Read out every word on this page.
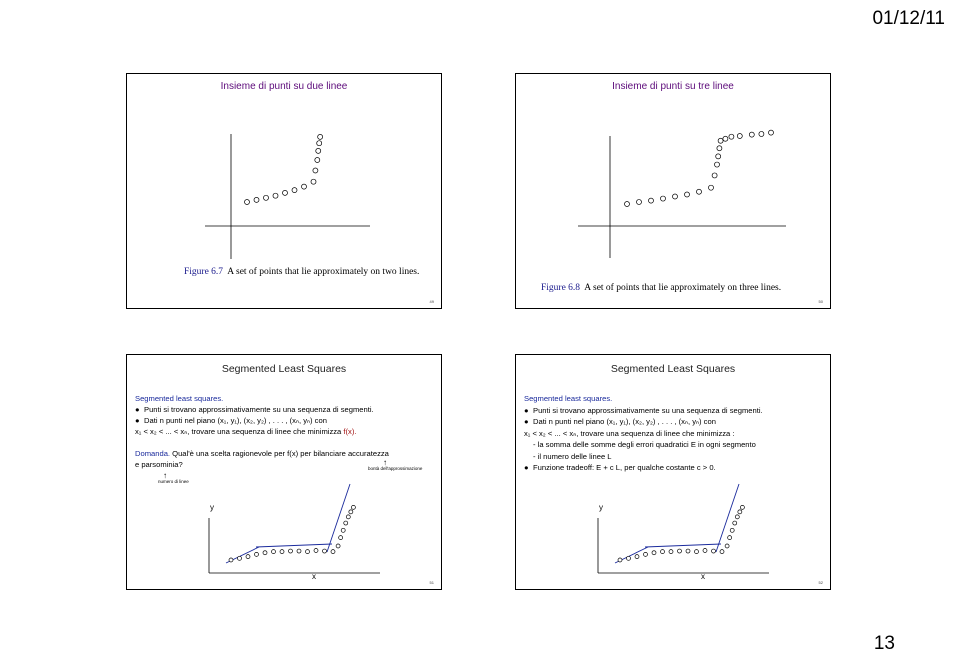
01/12/11
Insieme di punti su due linee
Figure 6.7 A set of points that lie approximately on two lines.
49
Insieme di punti su tre linee
Figure 6.8 A set of points that lie approximately on three lines.
50
Segmented Least Squares
Segmented least squares.
● Punti si trovano approssimativamente su una sequenza di segmenti.
● Dati n punti nel piano (x₁, y₁), (x₂, y₂) , . . . , (xₙ, yₙ) con
x₁ < x₂ < ... < xₙ, trovare una sequenza di linee che minimizza f(x).
Domanda. Qual'è una scelta ragionevole per f(x) per bilanciare accuratezza
e parsominia?	↑
bontà dell'approssimazione
↑
numero di linee
y
x
51
Segmented Least Squares
Segmented least squares.
● Punti si trovano approssimativamente su una sequenza di segmenti.
● Dati n punti nel piano (x₁, y₁), (x₂, y₂) , . . . , (xₙ, yₙ) con
x₁ < x₂ < ... < xₙ, trovare una sequenza di linee che minimizza :
- la somma delle somme degli errori quadratici E in ogni segmento
- il numero delle linee L
● Funzione tradeoff: E + c L, per qualche costante c > 0.
y
x
52
13
